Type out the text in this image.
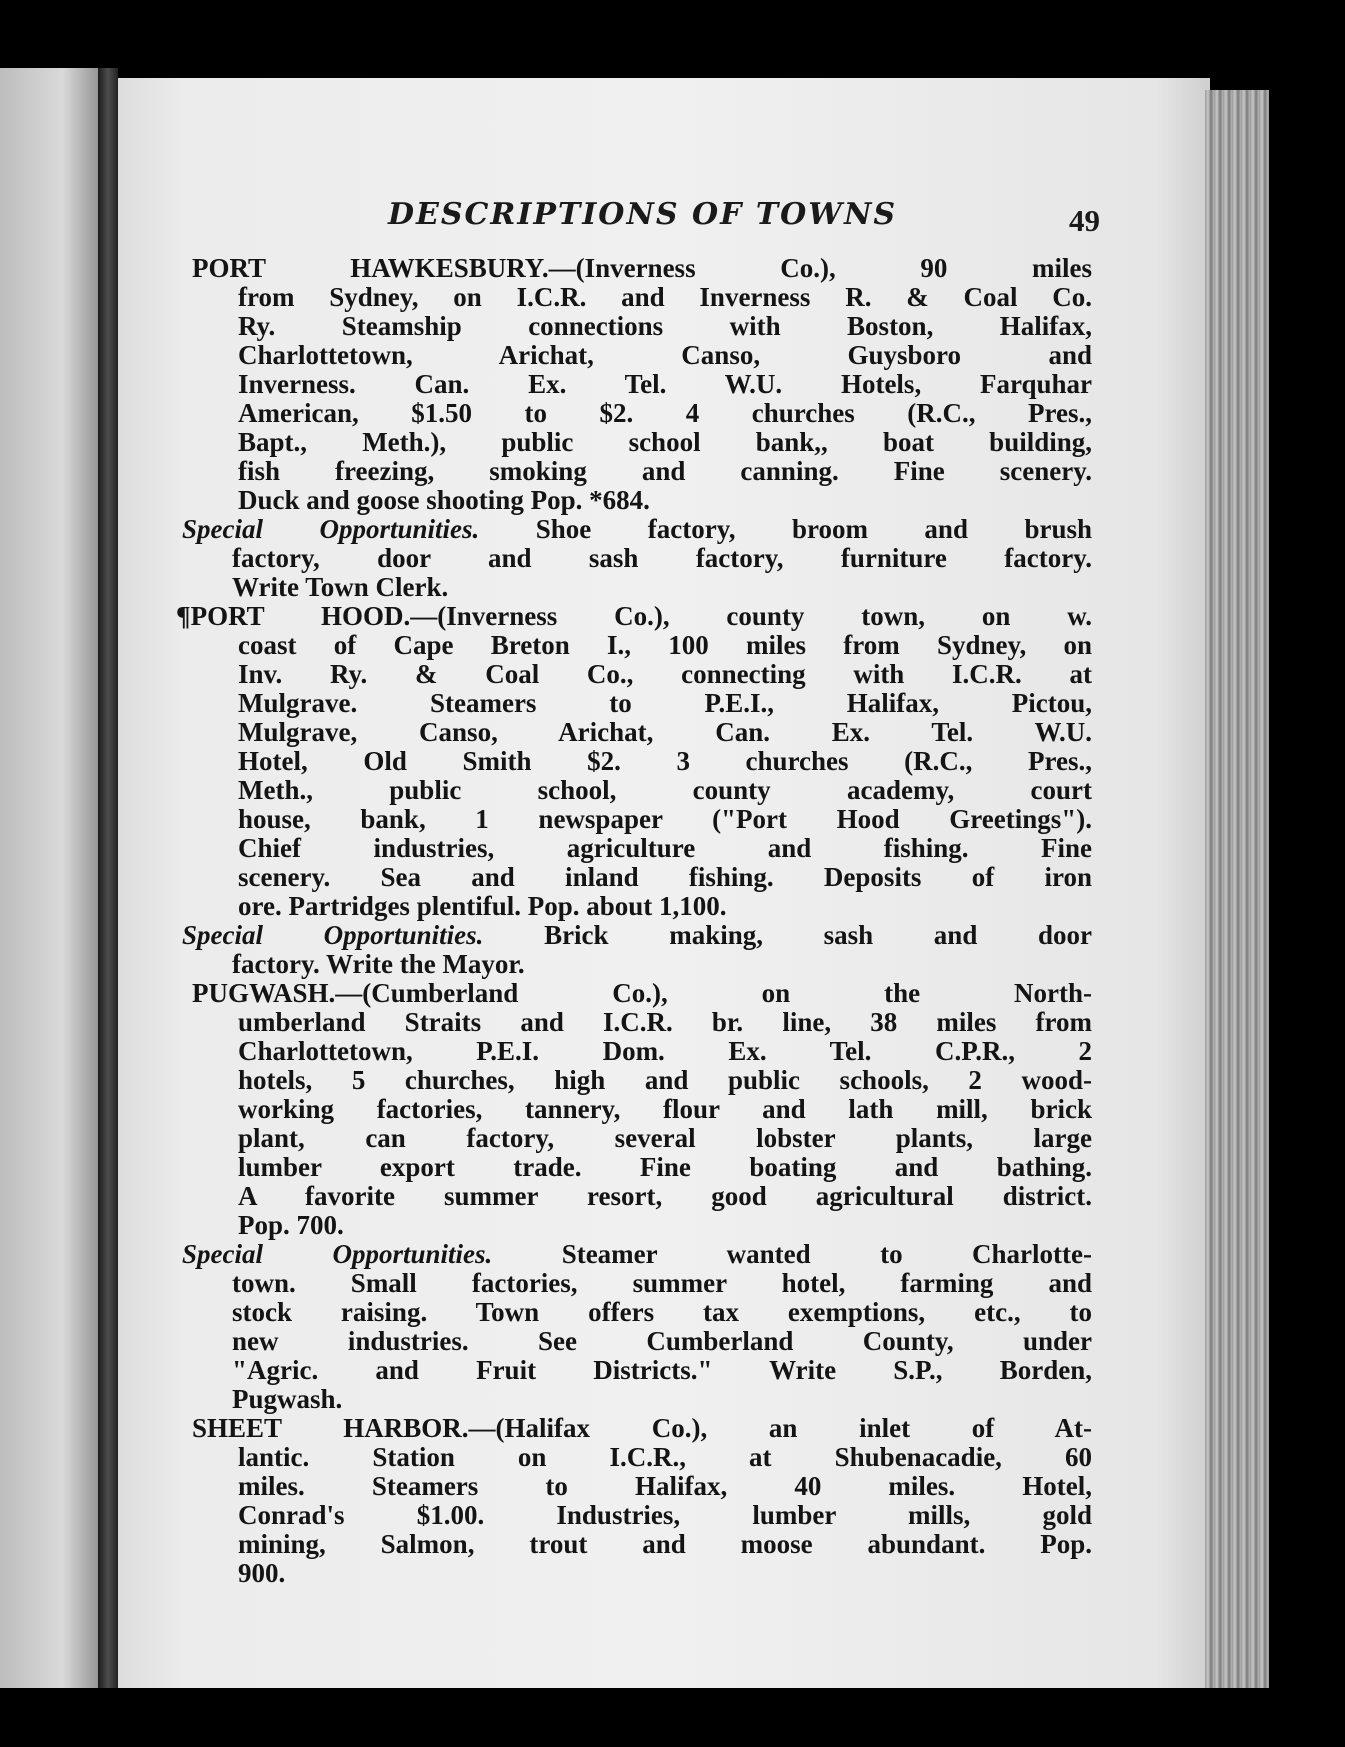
DESCRIPTIONS OF TOWNS	49
PORT HAWKESBURY.—(Inverness Co.), 90 miles
from Sydney, on I.C.R. and Inverness R. & Coal Co.
Ry. Steamship connections with Boston, Halifax,
Charlottetown, Arichat, Canso, Guysboro and
Inverness. Can. Ex. Tel. W.U. Hotels, Farquhar
American, $1.50 to $2. 4 churches (R.C., Pres.,
Bapt., Meth.), public school bank,, boat building,
fish freezing, smoking and canning. Fine scenery.
Duck and goose shooting Pop. *684.
Special Opportunities. Shoe factory, broom and brush
factory, door and sash factory, furniture factory.
Write Town Clerk.
¶PORT HOOD.—(Inverness Co.), county town, on w.
coast of Cape Breton I., 100 miles from Sydney, on
Inv. Ry. & Coal Co., connecting with I.C.R. at
Mulgrave. Steamers to P.E.I., Halifax, Pictou,
Mulgrave, Canso, Arichat, Can. Ex. Tel. W.U.
Hotel, Old Smith $2. 3 churches (R.C., Pres.,
Meth., public school, county academy, court
house, bank, 1 newspaper ("Port Hood Greetings").
Chief industries, agriculture and fishing. Fine
scenery. Sea and inland fishing. Deposits of iron
ore. Partridges plentiful. Pop. about 1,100.
Special Opportunities. Brick making, sash and door
factory. Write the Mayor.
PUGWASH.—(Cumberland Co.), on the North-
umberland Straits and I.C.R. br. line, 38 miles from
Charlottetown, P.E.I. Dom. Ex. Tel. C.P.R., 2
hotels, 5 churches, high and public schools, 2 wood-
working factories, tannery, flour and lath mill, brick
plant, can factory, several lobster plants, large
lumber export trade. Fine boating and bathing.
A favorite summer resort, good agricultural district.
Pop. 700.
Special Opportunities. Steamer wanted to Charlotte-
town. Small factories, summer hotel, farming and
stock raising. Town offers tax exemptions, etc., to
new industries. See Cumberland County, under
"Agric. and Fruit Districts." Write S.P., Borden,
Pugwash.
SHEET HARBOR.—(Halifax Co.), an inlet of At-
lantic. Station on I.C.R., at Shubenacadie, 60
miles. Steamers to Halifax, 40 miles. Hotel,
Conrad's $1.00. Industries, lumber mills, gold
mining, Salmon, trout and moose abundant. Pop.
900.
